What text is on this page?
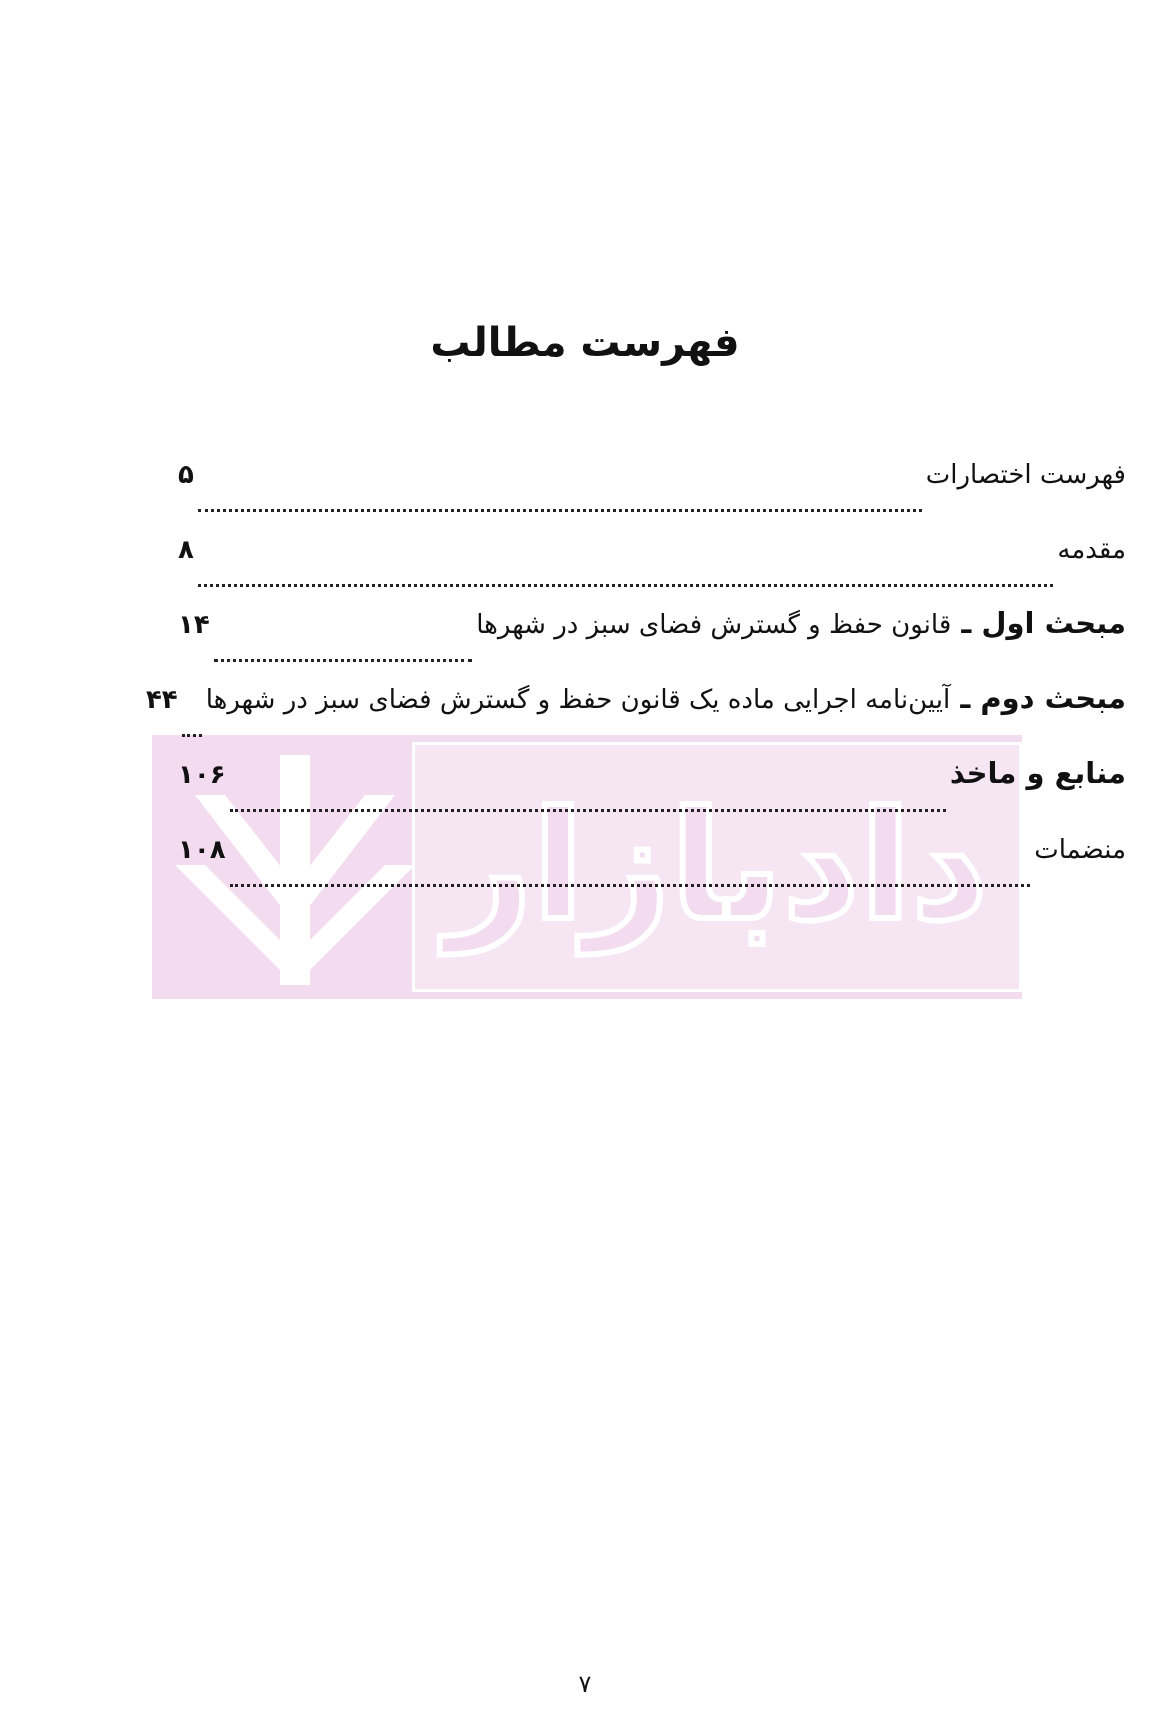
دادبازار
فهرست مطالب
فهرست اختصارات
۵
مقدمه
۸
مبحث اول ـ قانون حفظ و گسترش فضای سبز در شهرها
۱۴
مبحث دوم ـ آیین‌نامه اجرایی ماده یک قانون حفظ و گسترش فضای سبز در شهرها
۴۴
منابع و ماخذ
۱۰۶
منضمات
۱۰۸
۷
